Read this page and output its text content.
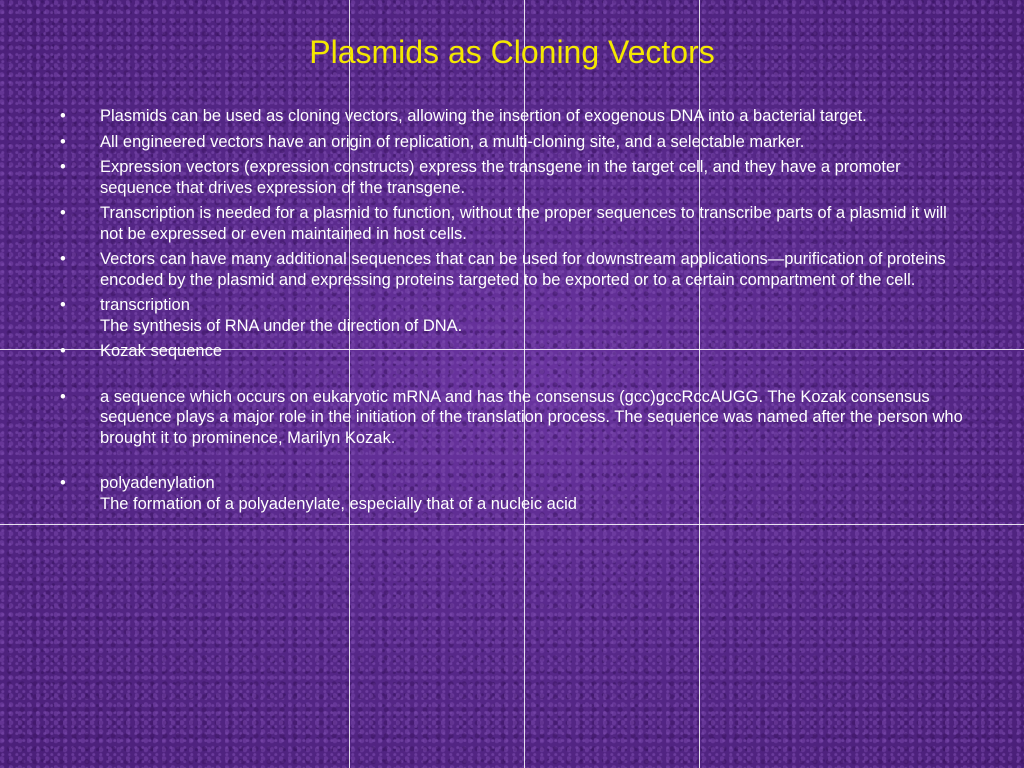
Plasmids as Cloning Vectors
•	Plasmids can be used as cloning vectors, allowing the insertion of exogenous DNA into a bacterial target.
•	All engineered vectors have an origin of replication, a multi-cloning site, and a selectable marker.
•	Expression vectors (expression constructs) express the transgene in the target cell, and they have a promoter sequence that drives expression of the transgene.
•	Transcription is needed for a plasmid to function, without the proper sequences to transcribe parts of a plasmid it will not be expressed or even maintained in host cells.
•	Vectors can have many additional sequences that can be used for downstream applications—purification of proteins encoded by the plasmid and expressing proteins targeted to be exported or to a certain compartment of the cell.
•	transcription
The synthesis of RNA under the direction of DNA.
•	Kozak sequence
•	a sequence which occurs on eukaryotic mRNA and has the consensus (gcc)gccRccAUGG. The Kozak consensus sequence plays a major role in the initiation of the translation process. The sequence was named after the person who brought it to prominence, Marilyn Kozak.
•	polyadenylation
The formation of a polyadenylate, especially that of a nucleic acid
